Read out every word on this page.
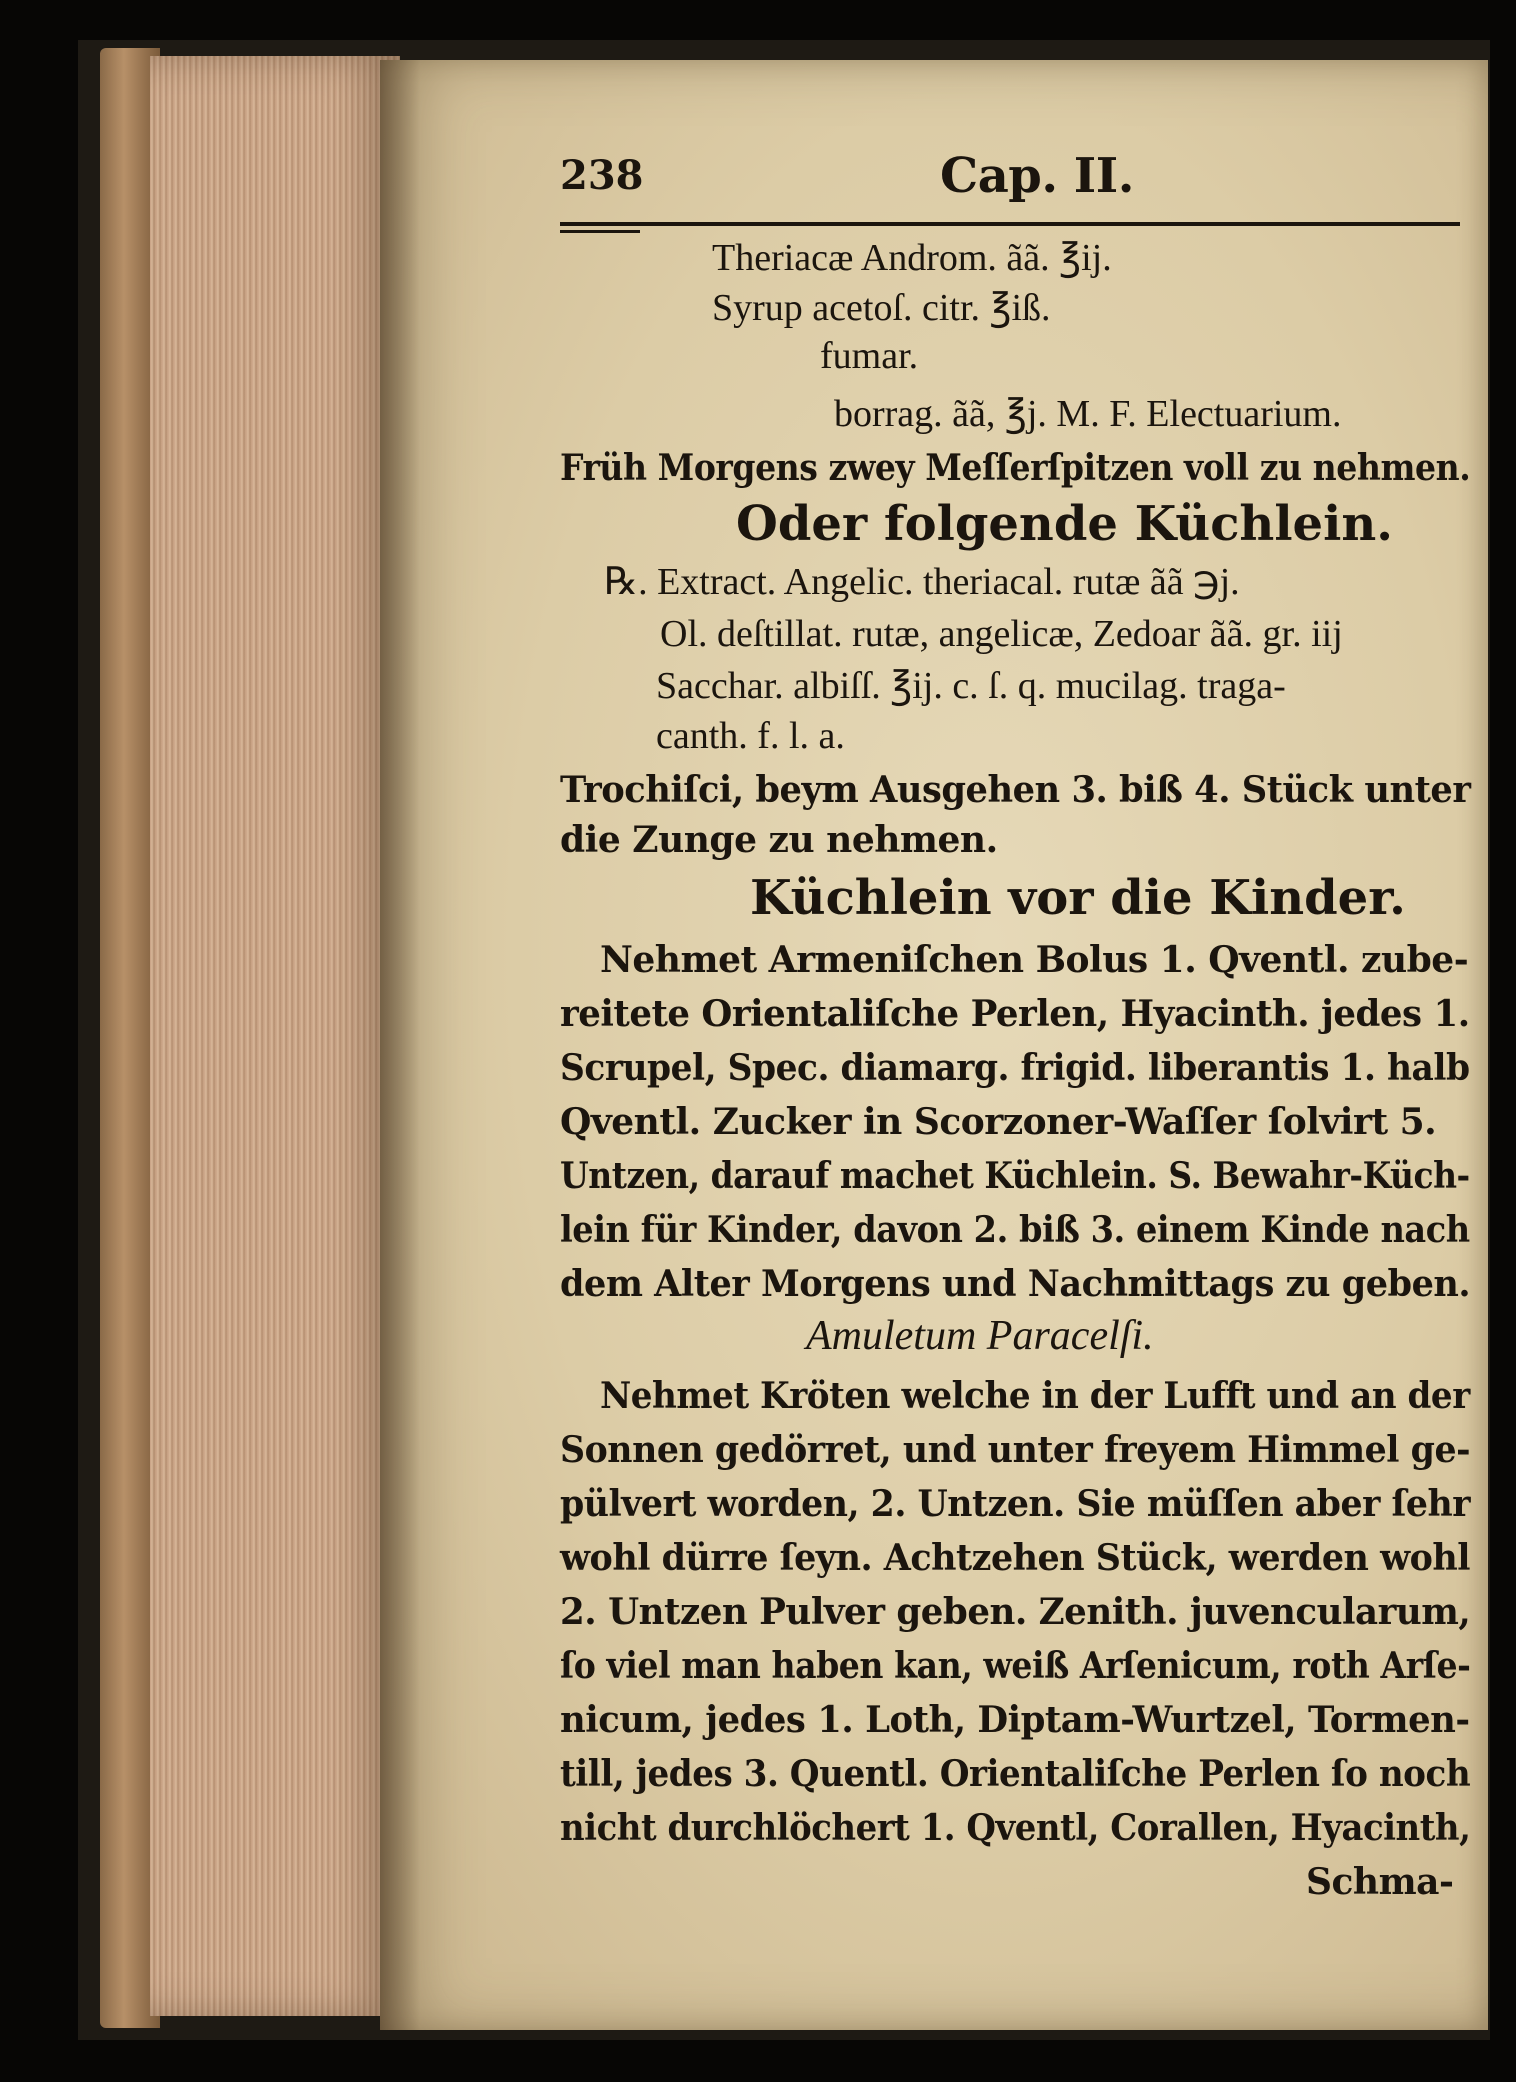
238	Cap. II.
Theriacæ Androm. ãã. ℥ij.
Syrup acetoſ. citr. ℥iß.
fumar.
borrag. ãã, ℥j. M. F. Electuarium.
Früh Morgens zwey Meſſerſpitzen voll zu nehmen.
Oder folgende Küchlein.
℞. Extract. Angelic. theriacal. rutæ ãã ℈j.
Ol. deſtillat. rutæ, angelicæ, Zedoar ãã. gr. iij
Sacchar. albiſſ. ℥ij. c. ſ. q. mucilag. traga-
canth. f. l. a.
Trochiſci, beym Ausgehen 3. biß 4. Stück unter
die Zunge zu nehmen.
Küchlein vor die Kinder.
Nehmet Armeniſchen Bolus 1. Qventl. zube-
reitete Orientaliſche Perlen, Hyacinth. jedes 1.
Scrupel, Spec. diamarg. frigid. liberantis 1. halb
Qventl. Zucker in Scorzoner-Waſſer ſolvirt 5.
Untzen, darauf machet Küchlein. S. Bewahr-Küch-
lein für Kinder, davon 2. biß 3. einem Kinde nach
dem Alter Morgens und Nachmittags zu geben.
Amuletum Paracelſi.
Nehmet Kröten welche in der Lufft und an der
Sonnen gedörret, und unter freyem Himmel ge-
pülvert worden, 2. Untzen. Sie müſſen aber ſehr
wohl dürre ſeyn. Achtzehen Stück, werden wohl
2. Untzen Pulver geben. Zenith. juvencularum,
ſo viel man haben kan, weiß Arſenicum, roth Arſe-
nicum, jedes 1. Loth, Diptam-Wurtzel, Tormen-
till, jedes 3. Quentl. Orientaliſche Perlen ſo noch
nicht durchlöchert 1. Qventl, Corallen, Hyacinth,
Schma-
